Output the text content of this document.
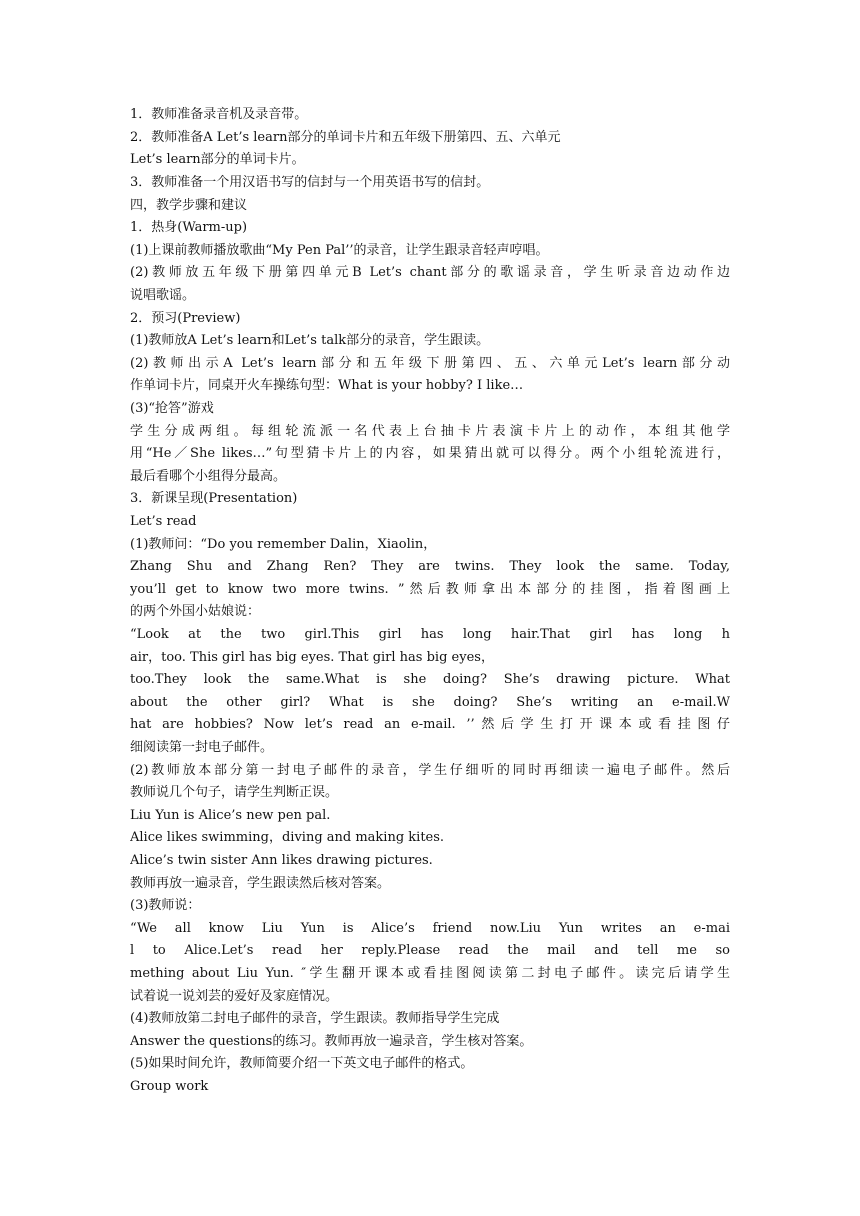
1．教师准备录音机及录音带。
2．教师准备A Let’s learn部分的单词卡片和五年级下册第四、五、六单元
Let’s learn部分的单词卡片。
3．教师准备一个用汉语书写的信封与一个用英语书写的信封。
四，教学步骤和建议
1．热身(Warm-up)
(1)上课前教师播放歌曲“My Pen Pal’’的录音，让学生跟录音轻声哼唱。
(2)教师放五年级下册第四单元B Let’s chant部分的歌谣录音，学生听录音边动作边
说唱歌谣。
2．预习(Preview)
(1)教师放A Let’s learn和Let’s talk部分的录音，学生跟读。
(2)教师出示A Let’s learn部分和五年级下册第四、五、六单元Let’s learn部分动
作单词卡片，同桌开火车操练句型：What is your hobby? I like…
(3)“抢答”游戏
学生分成两组。每组轮流派一名代表上台抽卡片表演卡片上的动作，本组其他学
用“He／She likes…”句型猜卡片上的内容，如果猜出就可以得分。两个小组轮流进行，
最后看哪个小组得分最高。
3．新课呈现(Presentation)
Let’s read
(1)教师问：“Do you remember Dalin，Xiaolin，
Zhang Shu and Zhang Ren? They are twins. They look the same. Today,
you’ll get to know two more twins. ”然后教师拿出本部分的挂图，指着图画上
的两个外国小姑娘说：
“Look at the two girl.This girl has long hair.That girl has long h
air，too. This girl has big eyes. That girl has big eyes，
too.They look the same.What is she doing? She’s drawing picture. What
about the other girl? What is she doing? She’s writing an e-mail.W
hat are hobbies? Now let’s read an e-mail. ’’然后学生打开课本或看挂图仔
细阅读第一封电子邮件。
(2)教师放本部分第一封电子邮件的录音，学生仔细听的同时再细读一遍电子邮件。然后
教师说几个句子，请学生判断正误。
Liu Yun is Alice’s new pen pal.
Alice likes swimming，diving and making kites.
Alice’s twin sister Ann likes drawing pictures.
教师再放一遍录音，学生跟读然后核对答案。
(3)教师说：
“We all know Liu Yun is Alice’s friend now.Liu Yun writes an e-mai
l to Alice.Let’s read her reply.Please read the mail and tell me so
mething about Liu Yun. ″学生翻开课本或看挂图阅读第二封电子邮件。读完后请学生
试着说一说刘芸的爱好及家庭情况。
(4)教师放第二封电子邮件的录音，学生跟读。教师指导学生完成
Answer the questions的练习。教师再放一遍录音，学生核对答案。
(5)如果时间允许，教师简要介绍一下英文电子邮件的格式。
Group work
